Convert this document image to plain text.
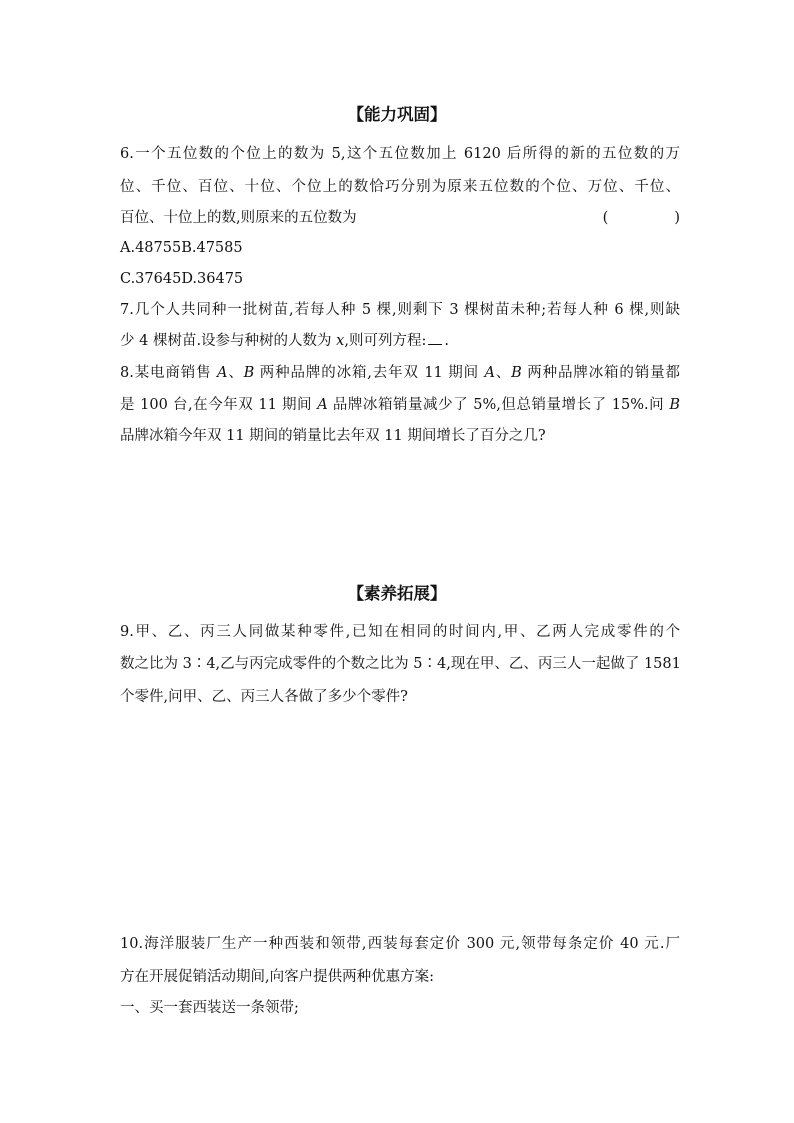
【能力巩固】
6.一个五位数的个位上的数为 5,这个五位数加上 6120 后所得的新的五位数的万
位、千位、百位、十位、个位上的数恰巧分别为原来五位数的个位、万位、千位、
百位、十位上的数,则原来的五位数为	(	)
A.48755B.47585
C.37645D.36475
7.几个人共同种一批树苗,若每人种 5 棵,则剩下 3 棵树苗未种;若每人种 6 棵,则缺
少 4 棵树苗.设参与种树的人数为 x,则可列方程: .
8.某电商销售 A、B 两种品牌的冰箱,去年双 11 期间 A、B 两种品牌冰箱的销量都
是 100 台,在今年双 11 期间 A 品牌冰箱销量减少了 5%,但总销量增长了 15%.问 B
品牌冰箱今年双 11 期间的销量比去年双 11 期间增长了百分之几?
【素养拓展】
9.甲、乙、丙三人同做某种零件,已知在相同的时间内,甲、乙两人完成零件的个
数之比为 3∶4,乙与丙完成零件的个数之比为 5∶4,现在甲、乙、丙三人一起做了 1581
个零件,问甲、乙、丙三人各做了多少个零件?
10.海洋服装厂生产一种西装和领带,西装每套定价 300 元,领带每条定价 40 元.厂
方在开展促销活动期间,向客户提供两种优惠方案:
一、买一套西装送一条领带;
